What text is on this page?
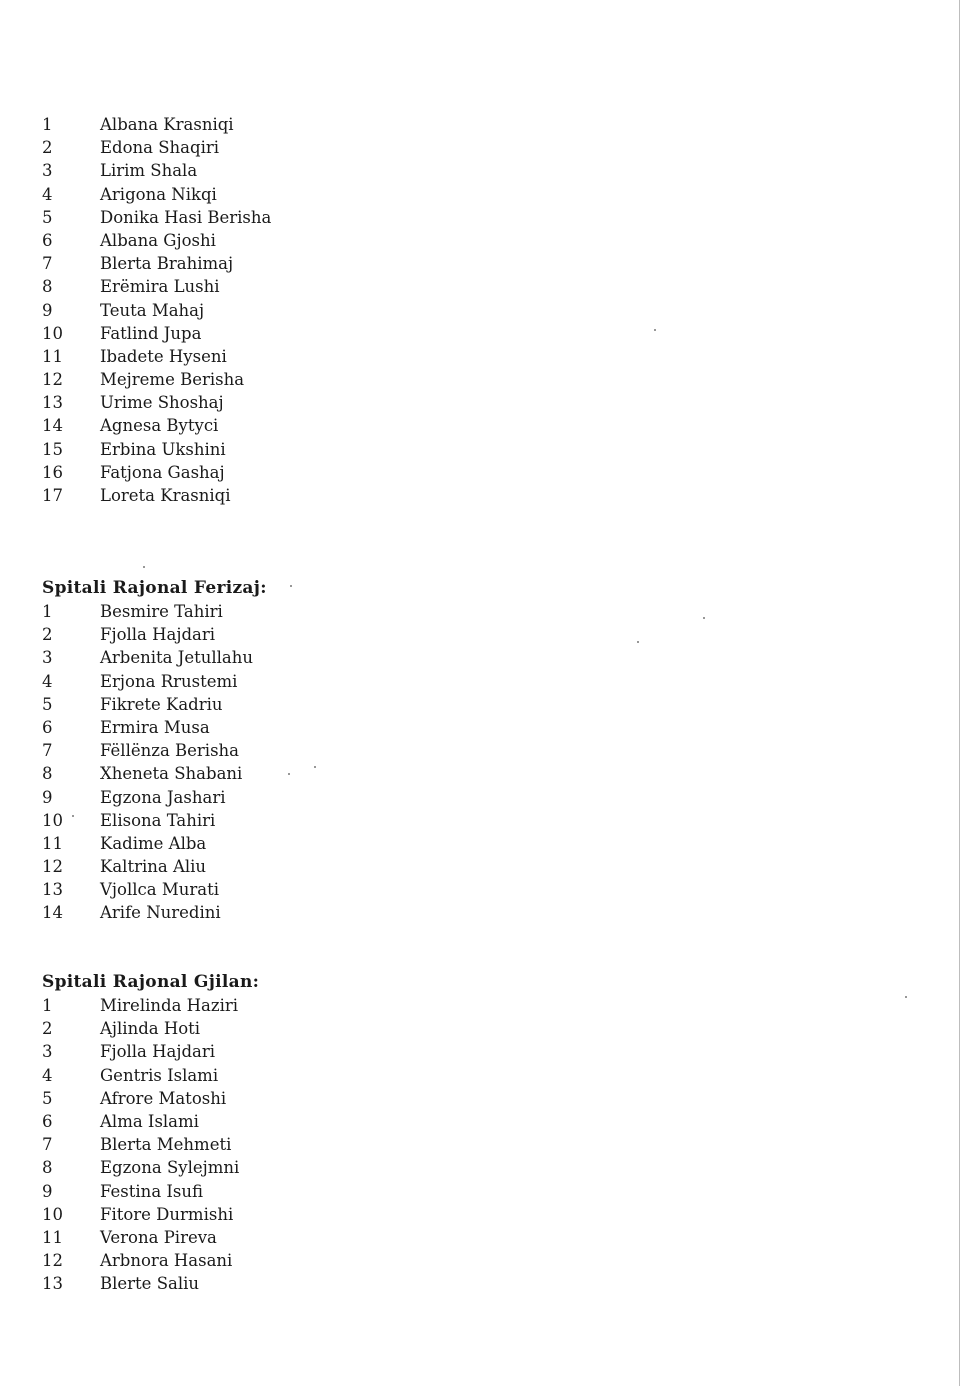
1	Albana Krasniqi
2	Edona Shaqiri
3	Lirim Shala
4	Arigona Nikqi
5	Donika Hasi Berisha
6	Albana Gjoshi
7	Blerta Brahimaj
8	Erëmira Lushi
9	Teuta Mahaj
10	Fatlind Jupa
11	Ibadete Hyseni
12	Mejreme Berisha
13	Urime Shoshaj
14	Agnesa Bytyci
15	Erbina Ukshini
16	Fatjona Gashaj
17	Loreta Krasniqi
Spitali Rajonal Ferizaj:
1	Besmire Tahiri
2	Fjolla Hajdari
3	Arbenita Jetullahu
4	Erjona Rrustemi
5	Fikrete Kadriu
6	Ermira Musa
7	Fëllënza Berisha
8	Xheneta Shabani
9	Egzona Jashari
10	Elisona Tahiri
11	Kadime Alba
12	Kaltrina Aliu
13	Vjollca Murati
14	Arife Nuredini
Spitali Rajonal Gjilan:
1	Mirelinda Haziri
2	Ajlinda Hoti
3	Fjolla Hajdari
4	Gentris Islami
5	Afrore Matoshi
6	Alma Islami
7	Blerta Mehmeti
8	Egzona Sylejmni
9	Festina Isufi
10	Fitore Durmishi
11	Verona Pireva
12	Arbnora Hasani
13	Blerte Saliu
